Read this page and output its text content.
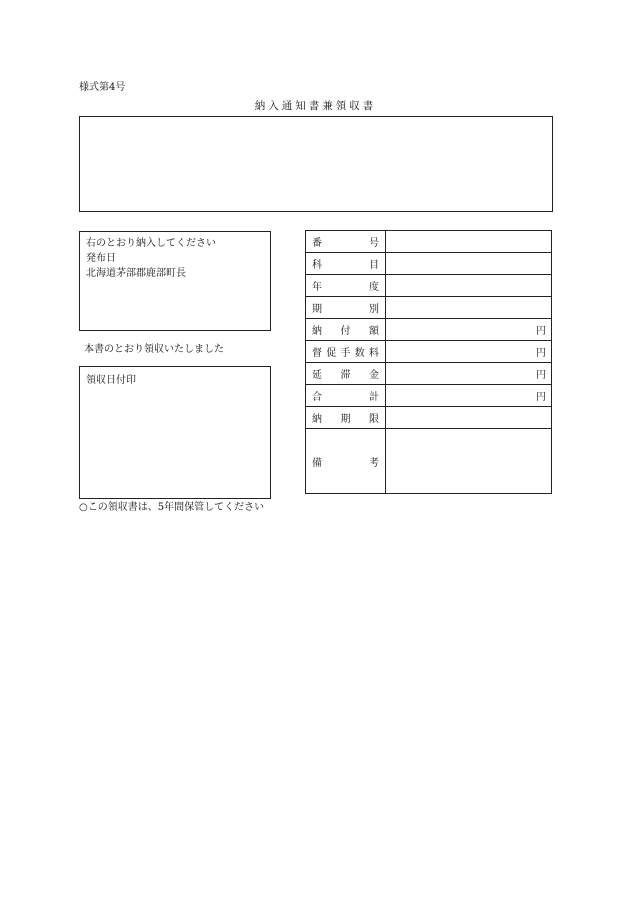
様式第4号
納入通知書兼領収書
右のとおり納入してください
発布日
北海道茅部郡鹿部町長
本書のとおり領収いたしました
領収日付印
○この領収書は、5年間保管してください
番号	
科目	
年度	
期別	
納付額	円
督促手数料	円
延滞金	円
合計	円
納期限	
備考	
